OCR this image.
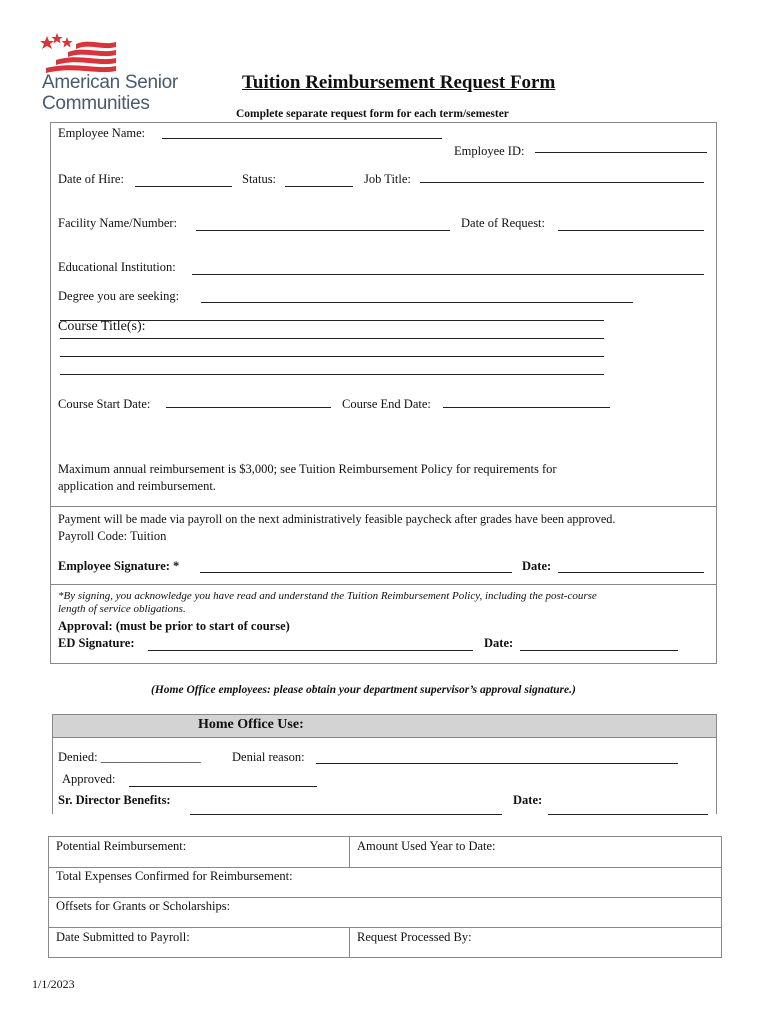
American Senior
Communities
Tuition Reimbursement Request Form
Complete separate request form for each term/semester
Employee Name:
Employee ID:
Date of Hire:	Status:	Job Title:
Facility Name/Number:	Date of Request:
Educational Institution:
Degree you are seeking:
Course Title(s):
Course Start Date:	Course End Date:
Maximum annual reimbursement is $3,000; see Tuition Reimbursement Policy for requirements for
application and reimbursement.
Payment will be made via payroll on the next administratively feasible paycheck after grades have been approved.
Payroll Code: Tuition
Employee Signature: *	Date:
*By signing, you acknowledge you have read and understand the Tuition Reimbursement Policy, including the post-course
length of service obligations.
Approval: (must be prior to start of course)
ED Signature:	Date:
(Home Office employees: please obtain your department supervisor’s approval signature.)
Home Office Use:
Denied: ________________	Denial reason:
Approved:
Sr. Director Benefits:	Date:
Potential Reimbursement:	Amount Used Year to Date:
Total Expenses Confirmed for Reimbursement:
Offsets for Grants or Scholarships:
Date Submitted to Payroll:	Request Processed By:
1/1/2023
